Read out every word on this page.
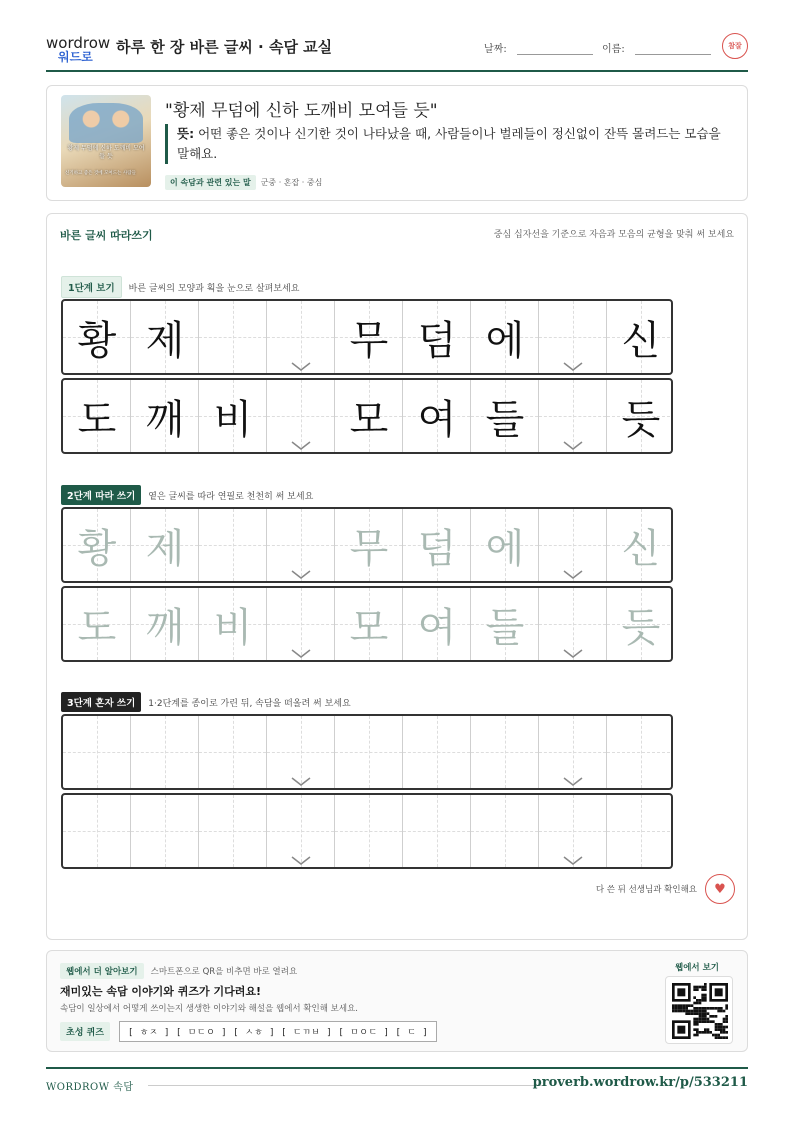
wordrow
워드로
하루 한 장 바른 글씨 · 속담 교실	날짜:	이름:	참잘
황제 무덤에 신하 도깨비 모여들 듯
신기하고 좋은 것에 모여드는 사람들
"황제 무덤에 신하 도깨비 모여들 듯"
뜻: 어떤 좋은 것이나 신기한 것이 나타났을 때, 사람들이나 벌레들이 정신없이 잔뜩 몰려드는 모습을 말해요.
이 속담과 관련 있는 말 군중 · 혼잡 · 중심
바른 글씨 따라쓰기	중심 십자선을 기준으로 자음과 모음의 균형을 맞춰 써 보세요
1단계 보기	바른 글씨의 모양과 획을 눈으로 살펴보세요
황 제	무 덤 에	신
도 깨 비	모 여 들	듯
2단계 따라 쓰기	옅은 글씨를 따라 연필로 천천히 써 보세요
황 제	무 덤 에	신
도 깨 비	모 여 들	듯
3단계 혼자 쓰기	1·2단계를 종이로 가린 뒤, 속담을 떠올려 써 보세요
다 쓴 뒤 선생님과 확인해요	♥
웹에서 더 알아보기	스마트폰으로 QR을 비추면 바로 열려요
재미있는 속담 이야기와 퀴즈가 기다려요!
속담이 일상에서 어떻게 쓰이는지 생생한 이야기와 해설을 웹에서 확인해 보세요.
초성 퀴즈	[ ㅎㅈ ] [ ㅁㄷㅇ ] [ ㅅㅎ ] [ ㄷㄲㅂ ] [ ㅁㅇㄷ ] [ ㄷ ]
웹에서 보기
WORDROW 속담	proverb.wordrow.kr/p/533211
